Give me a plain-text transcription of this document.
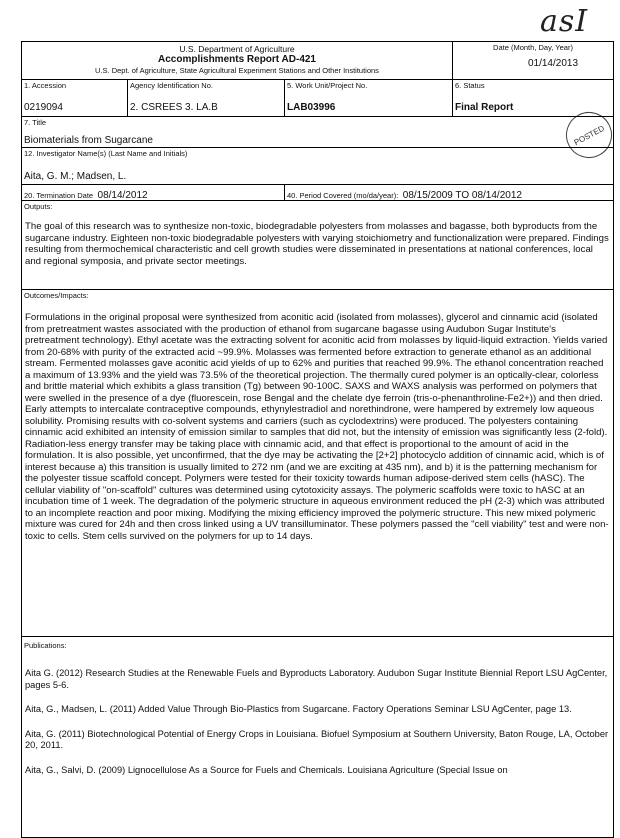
asI
POSTED
U.S. Department of Agriculture
Accomplishments Report AD-421
U.S. Dept. of Agriculture, State Agricultural Experiment Stations and Other Institutions
Date (Month, Day, Year)
01/14/2013
1. Accession
0219094
Agency Identification No.
2. CSREES 3. LA.B
5. Work Unit/Project No.
LAB03996
6. Status
Final Report
7. Title
Biomaterials from Sugarcane
12. Investigator Name(s) (Last Name and Initials)
Aita, G. M.; Madsen, L.
20. Termination Date 08/14/2012	40. Period Covered (mo/da/year): 08/15/2009 TO 08/14/2012
Outputs:
The goal of this research was to synthesize non-toxic, biodegradable polyesters from molasses and bagasse, both byproducts from the sugarcane industry. Eighteen non-toxic biodegradable polyesters with varying stoichiometry and functionalization were prepared. Findings resulting from thermochemical characteristic and cell growth studies were disseminated in presentations at national conferences, local and regional symposia, and private sector meetings.
Outcomes/Impacts:
Formulations in the original proposal were synthesized from aconitic acid (isolated from molasses), glycerol and cinnamic acid (isolated from pretreatment wastes associated with the production of ethanol from sugarcane bagasse using Audubon Sugar Institute's pretreatment technology). Ethyl acetate was the extracting solvent for aconitic acid from molasses by liquid-liquid extraction. Yields varied from 20-68% with purity of the extracted acid ~99.9%. Molasses was fermented before extraction to generate ethanol as an additional stream. Fermented molasses gave aconitic acid yields of up to 62% and purities that reached 99.9%. The ethanol concentration reached a maximum of 13.93% and the yield was 73.5% of the theoretical projection. The thermally cured polymer is an optically-clear, colorless and brittle material which exhibits a glass transition (Tg) between 90-100C. SAXS and WAXS analysis was performed on polymers that were swelled in the presence of a dye (fluorescein, rose Bengal and the chelate dye ferroin (tris-o-phenanthroline-Fe2+)) and then dried. Early attempts to intercalate contraceptive compounds, ethynylestradiol and norethindrone, were hampered by extremely low aqueous solubility. Promising results with co-solvent systems and carriers (such as cyclodextrins) were produced. The polyesters containing cinnamic acid exhibited an intensity of emission similar to samples that did not, but the intensity of emission was significantly less (2-fold). Radiation-less energy transfer may be taking place with cinnamic acid, and that effect is proportional to the amount of acid in the formulation. It is also possible, yet unconfirmed, that the dye may be activating the [2+2] photocyclo addition of cinnamic acid, which is of interest because a) this transition is usually limited to 272 nm (and we are exciting at 435 nm), and b) it is the patterning mechanism for the polyester tissue scaffold concept. Polymers were tested for their toxicity towards human adipose-derived stem cells (hASC). The cellular viability of "on-scaffold" cultures was determined using cytotoxicity assays. The polymeric scaffolds were toxic to hASC at an incubation time of 1 week. The degradation of the polymeric structure in aqueous environment reduced the pH (2-3) which was attributed to an incomplete reaction and poor mixing. Modifying the mixing efficiency improved the polymeric structure. This new mixed polymeric mixture was cured for 24h and then cross linked using a UV transilluminator. These polymers passed the "cell viability" test and were non- toxic to cells. Stem cells survived on the polymers for up to 14 days.
Publications:
Aita G. (2012) Research Studies at the Renewable Fuels and Byproducts Laboratory. Audubon Sugar Institute Biennial Report LSU AgCenter, pages 5-6.
Aita, G., Madsen, L. (2011) Added Value Through Bio-Plastics from Sugarcane. Factory Operations Seminar LSU AgCenter, page 13.
Aita, G. (2011) Biotechnological Potential of Energy Crops in Louisiana. Biofuel Symposium at Southern University, Baton Rouge, LA, October 20, 2011.
Aita, G., Salvi, D. (2009) Lignocellulose As a Source for Fuels and Chemicals. Louisiana Agriculture (Special Issue on
